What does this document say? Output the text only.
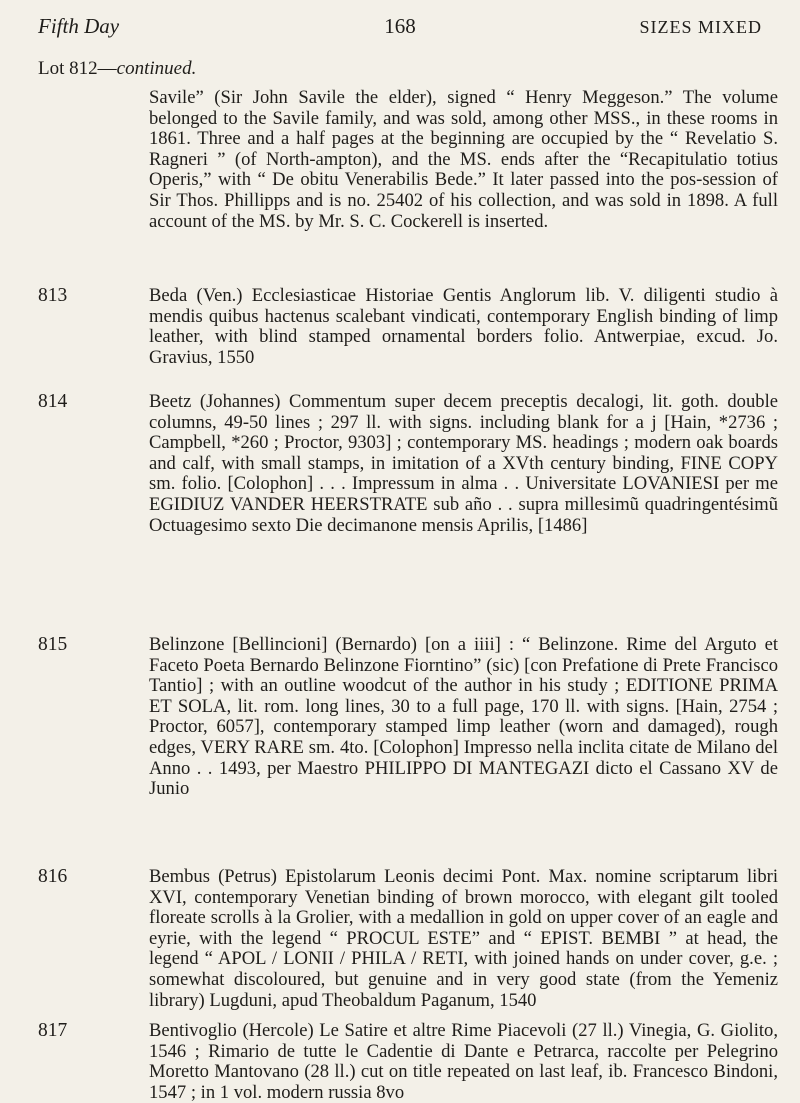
Fifth Day	168	SIZES MIXED
Lot 812—continued.
Savile” (Sir John Savile the elder), signed “ Henry Meggeson.” The volume belonged to the Savile family, and was sold, among other MSS., in these rooms in 1861. Three and a half pages at the beginning are occupied by the “ Revelatio S. Ragneri ” (of North-ampton), and the MS. ends after the “Recapitulatio totius Operis,” with “ De obitu Venerabilis Bede.” It later passed into the pos-session of Sir Thos. Phillipps and is no. 25402 of his collection, and was sold in 1898. A full account of the MS. by Mr. S. C. Cockerell is inserted.
813	Beda (Ven.) Ecclesiasticae Historiae Gentis Anglorum lib. V. diligenti studio à mendis quibus hactenus scalebant vindicati, contemporary English binding of limp leather, with blind stamped ornamental borders folio. Antwerpiae, excud. Jo. Gravius, 1550
814	Beetz (Johannes) Commentum super decem preceptis decalogi, lit. goth. double columns, 49-50 lines ; 297 ll. with signs. including blank for a j [Hain, *2736 ; Campbell, *260 ; Proctor, 9303] ; contemporary MS. headings ; modern oak boards and calf, with small stamps, in imitation of a XVth century binding, FINE COPY sm. folio. [Colophon] . . . Impressum in alma . . Universitate LOVANIESI per me EGIDIUZ VANDER HEERSTRATE sub año . . supra millesimũ quadringentésimũ Octuagesimo sexto Die decimanone mensis Aprilis, [1486]
815	Belinzone [Bellincioni] (Bernardo) [on a iiii] : “ Belinzone. Rime del Arguto et Faceto Poeta Bernardo Belinzone Fiorntino” (sic) [con Prefatione di Prete Francisco Tantio] ; with an outline woodcut of the author in his study ; EDITIONE PRIMA ET SOLA, lit. rom. long lines, 30 to a full page, 170 ll. with signs. [Hain, 2754 ; Proctor, 6057], contemporary stamped limp leather (worn and damaged), rough edges, VERY RARE sm. 4to. [Colophon] Impresso nella inclita citate de Milano del Anno . . 1493, per Maestro PHILIPPO DI MANTEGAZI dicto el Cassano XV de Junio
816	Bembus (Petrus) Epistolarum Leonis decimi Pont. Max. nomine scriptarum libri XVI, contemporary Venetian binding of brown morocco, with elegant gilt tooled floreate scrolls à la Grolier, with a medallion in gold on upper cover of an eagle and eyrie, with the legend “ PROCUL ESTE” and “ EPIST. BEMBI ” at head, the legend “ APOL / LONII / PHILA / RETI, with joined hands on under cover, g.e. ; somewhat discoloured, but genuine and in very good state (from the Yemeniz library) Lugduni, apud Theobaldum Paganum, 1540
817	Bentivoglio (Hercole) Le Satire et altre Rime Piacevoli (27 ll.) Vinegia, G. Giolito, 1546 ; Rimario de tutte le Cadentie di Dante e Petrarca, raccolte per Pelegrino Moretto Mantovano (28 ll.) cut on title repeated on last leaf, ib. Francesco Bindoni, 1547 ; in 1 vol. modern russia 8vo
